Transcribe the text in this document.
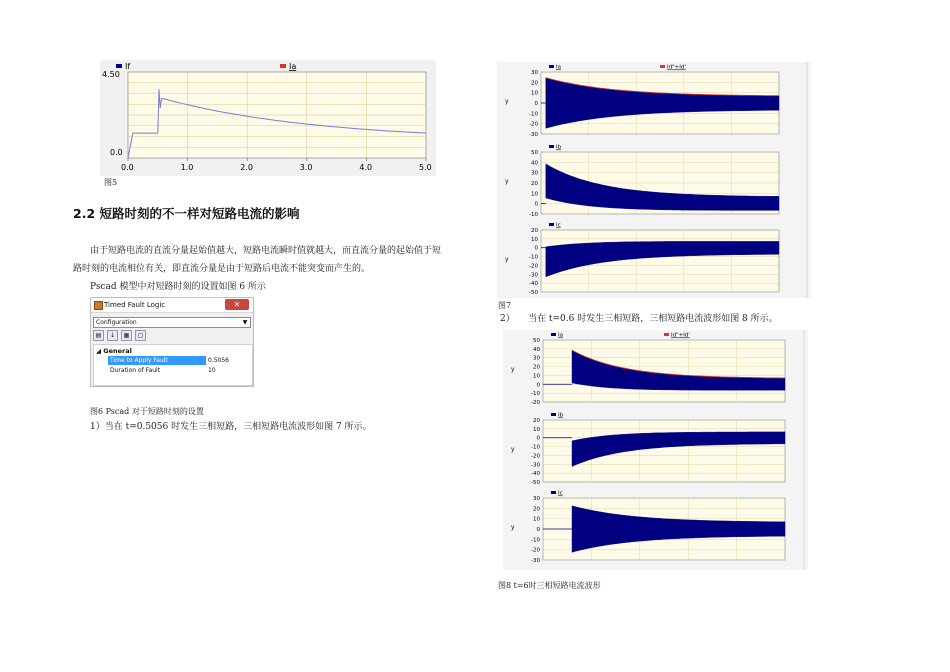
If	Ia
4.50
0.0
0.0	1.0	2.0	3.0	4.0	5.0
图5
2.2 短路时刻的不一样对短路电流的影响
由于短路电流的直流分量起始值越大，短路电流瞬时值就越大，而直流分量的起始值于短
路时刻的电流相位有关，即直流分量是由于短路后电流不能突变而产生的。
Pscad 模型中对短路时刻的设置如图 6 所示
Timed Fault Logic	✕
Configuration	▼
▤ ↓ ▦ ▢
◢ General
Time to Apply Fault	0.5056
Duration of Fault	10
图6 Pscad 对于短路时刻的设置
1）当在 t=0.5056 时发生三相短路，三相短路电流波形如图 7 所示。
30
20
10
0
-10
-20
-30
y
Ia	Id"+Id'
50
40
30
20
10
0
-10
y
Ib
20
10
0
-10
-20
-30
-40
-50
y
Ic
图7
2） 当在 t=0.6 时发生三相短路，三相短路电流波形如图 8 所示。
50
40
30
20
10
0
-10
-20
y
Ia	Id"+Id'
20
10
0
-10
-20
-30
-40
-50
y
Ib
30
20
10
0
-10
-20
-30
y
Ic
图8 t=6时三相短路电流波形
